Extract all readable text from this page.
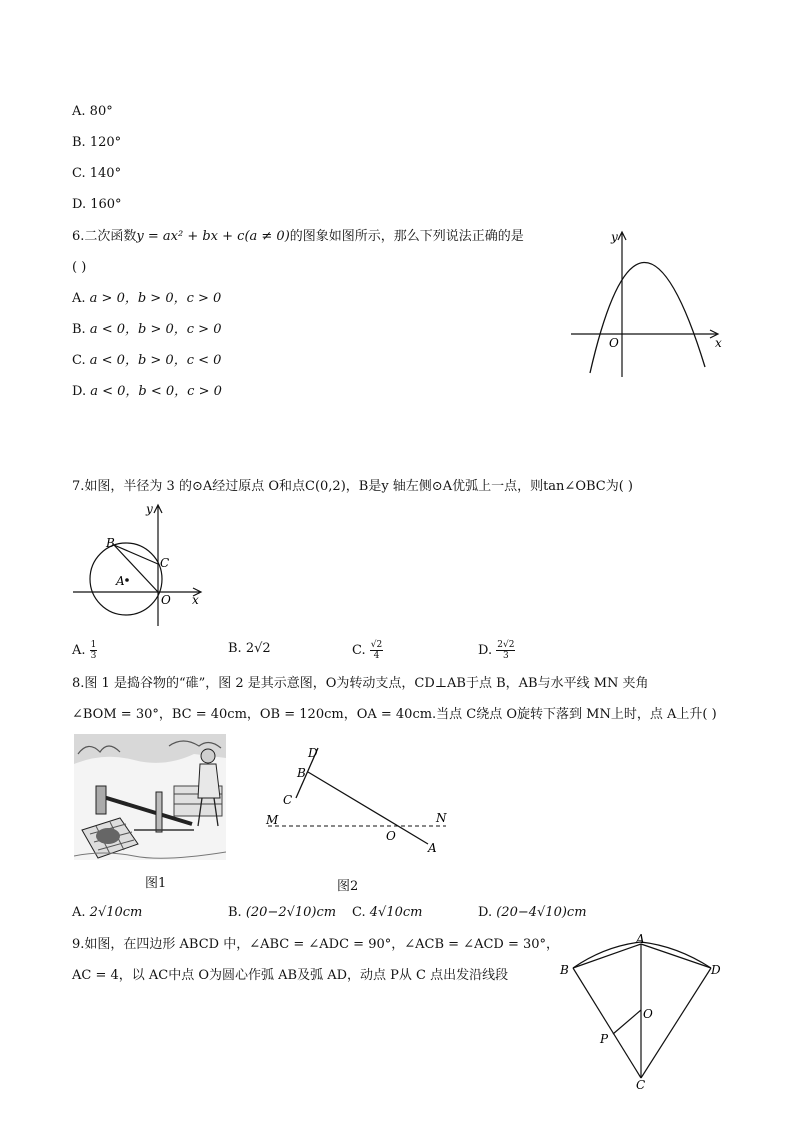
A. 80°
B. 120°
C. 140°
D. 160°
6.二次函数y = ax² + bx + c(a ≠ 0)的图象如图所示，那么下列说法正确的是
( )
A. a > 0，b > 0，c > 0
B. a < 0，b > 0，c > 0
C. a < 0，b > 0，c < 0
D. a < 0，b < 0，c > 0
y
x
O
7.如图，半径为 3 的⊙A经过原点 O和点C(0,2)，B是y 轴左侧⊙A优弧上一点，则tan∠OBC为( )
y
x
O
B
C
A
A. $\frac{1}{3}$	B. 2√2	C. $\frac{√2}{4}$	D. $\frac{2√2}{3}$
8.图 1 是捣谷物的“碓”，图 2 是其示意图，O为转动支点，CD⊥AB于点 B，AB与水平线 MN 夹角
∠BOM = 30°，BC = 40cm，OB = 120cm，OA = 40cm.当点 C绕点 O旋转下落到 MN上时，点 A上升( )
图1
D
B
C
M	N
O
A
图2
A. 2√10cm	B. (20−2√10)cm C. 4√10cm	D. (20−4√10)cm
9.如图，在四边形 ABCD 中，∠ABC = ∠ADC = 90°，∠ACB = ∠ACD = 30°，
AC = 4，以 AC中点 O为圆心作弧 AB及弧 AD，动点 P从 C 点出发沿线段
A
B	D
O
P
C
